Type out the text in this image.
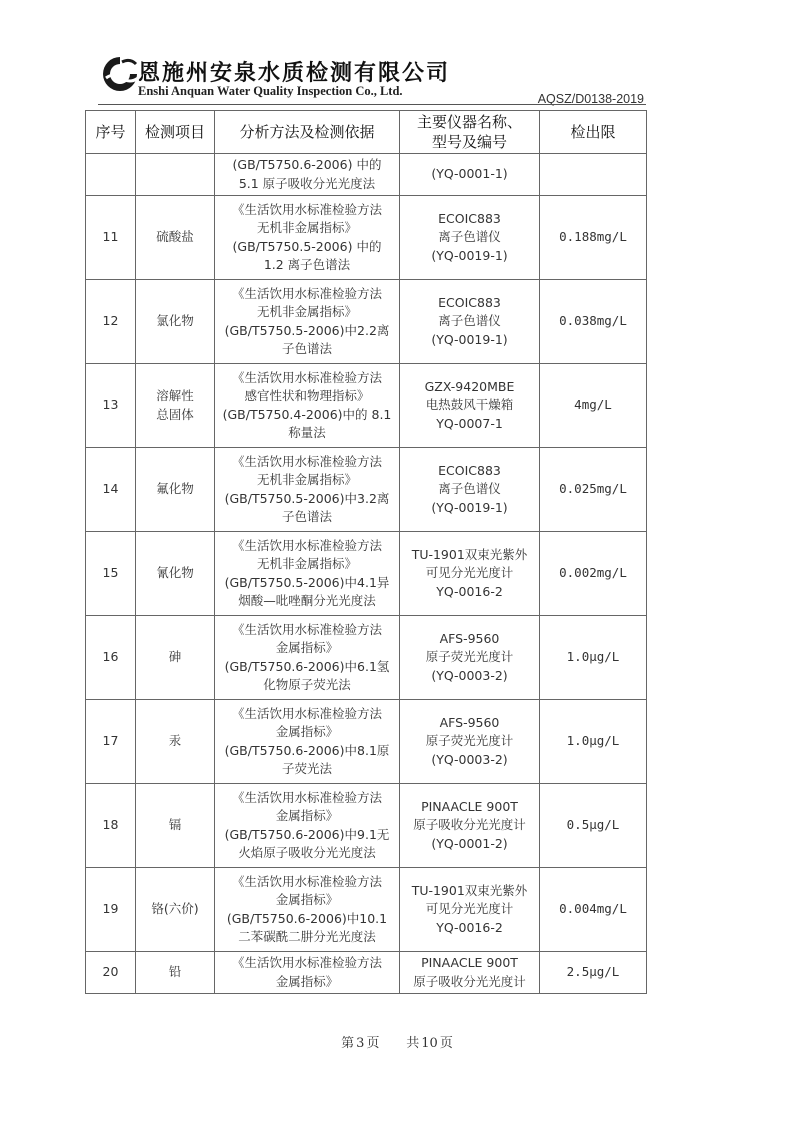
恩施州安泉水质检测有限公司
Enshi Anquan Water Quality Inspection Co., Ltd.
AQSZ/D0138-2019
序号	检测项目	分析方法及检测依据	主要仪器名称、
型号及编号	检出限

		(GB/T5750.6-2006) 中的
5.1 原子吸收分光光度法	(YQ-0001-1)	

11	硫酸盐	《生活饮用水标准检验方法
无机非金属指标》
(GB/T5750.5-2006) 中的
1.2 离子色谱法	ECOIC883
离子色谱仪
(YQ-0019-1)	0.188mg/L
12	氯化物	《生活饮用水标准检验方法
无机非金属指标》
(GB/T5750.5-2006)中2.2离
子色谱法	ECOIC883
离子色谱仪
(YQ-0019-1)	0.038mg/L
13	溶解性
总固体	《生活饮用水标准检验方法
感官性状和物理指标》
(GB/T5750.4-2006)中的 8.1
称量法	GZX-9420MBE
电热鼓风干燥箱
YQ-0007-1	4mg/L
14	氟化物	《生活饮用水标准检验方法
无机非金属指标》
(GB/T5750.5-2006)中3.2离
子色谱法	ECOIC883
离子色谱仪
(YQ-0019-1)	0.025mg/L
15	氰化物	《生活饮用水标准检验方法
无机非金属指标》
(GB/T5750.5-2006)中4.1异
烟酸—吡唑酮分光光度法	TU-1901双束光紫外
可见分光光度计
YQ-0016-2	0.002mg/L
16	砷	《生活饮用水标准检验方法
金属指标》
(GB/T5750.6-2006)中6.1氢
化物原子荧光法	AFS-9560
原子荧光光度计
(YQ-0003-2)	1.0μg/L
17	汞	《生活饮用水标准检验方法
金属指标》
(GB/T5750.6-2006)中8.1原
子荧光法	AFS-9560
原子荧光光度计
(YQ-0003-2)	1.0μg/L
18	镉	《生活饮用水标准检验方法
金属指标》
(GB/T5750.6-2006)中9.1无
火焰原子吸收分光光度法	PINAACLE 900T
原子吸收分光光度计
(YQ-0001-2)	0.5μg/L
19	铬(六价)	《生活饮用水标准检验方法
金属指标》
(GB/T5750.6-2006)中10.1
二苯碳酰二肼分光光度法	TU-1901双束光紫外
可见分光光度计
YQ-0016-2	0.004mg/L
20	铅	《生活饮用水标准检验方法
金属指标》	PINAACLE 900T
原子吸收分光光度计	2.5μg/L
第 3 页 共 10 页
